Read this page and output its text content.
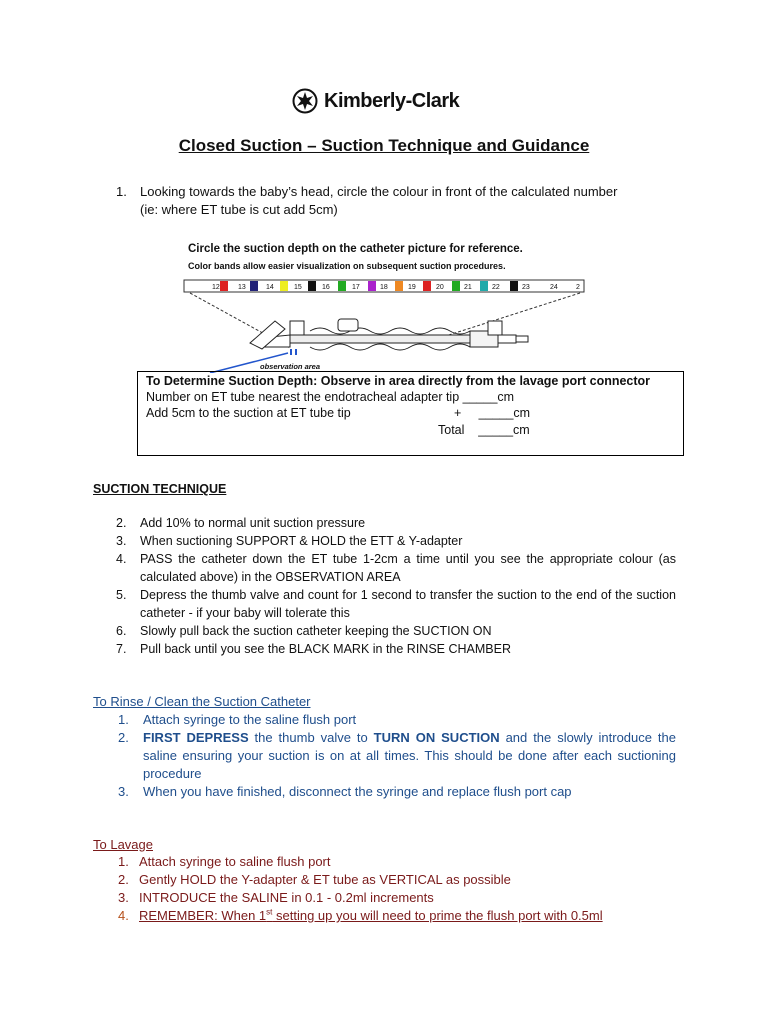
Kimberly-Clark
Closed Suction – Suction Technique and Guidance
1. Looking towards the baby’s head, circle the colour in front of the calculated number
(ie: where ET tube is cut add 5cm)
Circle the suction depth on the catheter picture for reference.
Color bands allow easier visualization on subsequent suction procedures.
12	13	14	15	16	17	18	19	20	21	22	23	24	2
observation area
To Determine Suction Depth: Observe in area directly from the lavage port connector
Number on ET tube nearest the endotracheal adapter tip _____cm
Add 5cm to the suction at ET tube tip	+     _____cm
Total    _____cm
SUCTION TECHNIQUE
2. Add 10% to normal unit suction pressure
3. When suctioning SUPPORT & HOLD the ETT & Y-adapter
4. PASS the catheter down the ET tube 1-2cm a time until you see the appropriate colour (as calculated above) in the OBSERVATION AREA
5. Depress the thumb valve and count for 1 second to transfer the suction to the end of the suction catheter - if your baby will tolerate this
6. Slowly pull back the suction catheter keeping the SUCTION ON
7. Pull back until you see the BLACK MARK in the RINSE CHAMBER
To Rinse / Clean the Suction Catheter
1. Attach syringe to the saline flush port
2. FIRST DEPRESS the thumb valve to TURN ON SUCTION and the slowly introduce the saline ensuring your suction is on at all times. This should be done after each suctioning procedure
3. When you have finished, disconnect the syringe and replace flush port cap
To Lavage
1. Attach syringe to saline flush port
2. Gently HOLD the Y-adapter & ET tube as VERTICAL as possible
3. INTRODUCE the SALINE in 0.1 - 0.2ml increments
4. REMEMBER: When 1st setting up you will need to prime the flush port with 0.5ml
